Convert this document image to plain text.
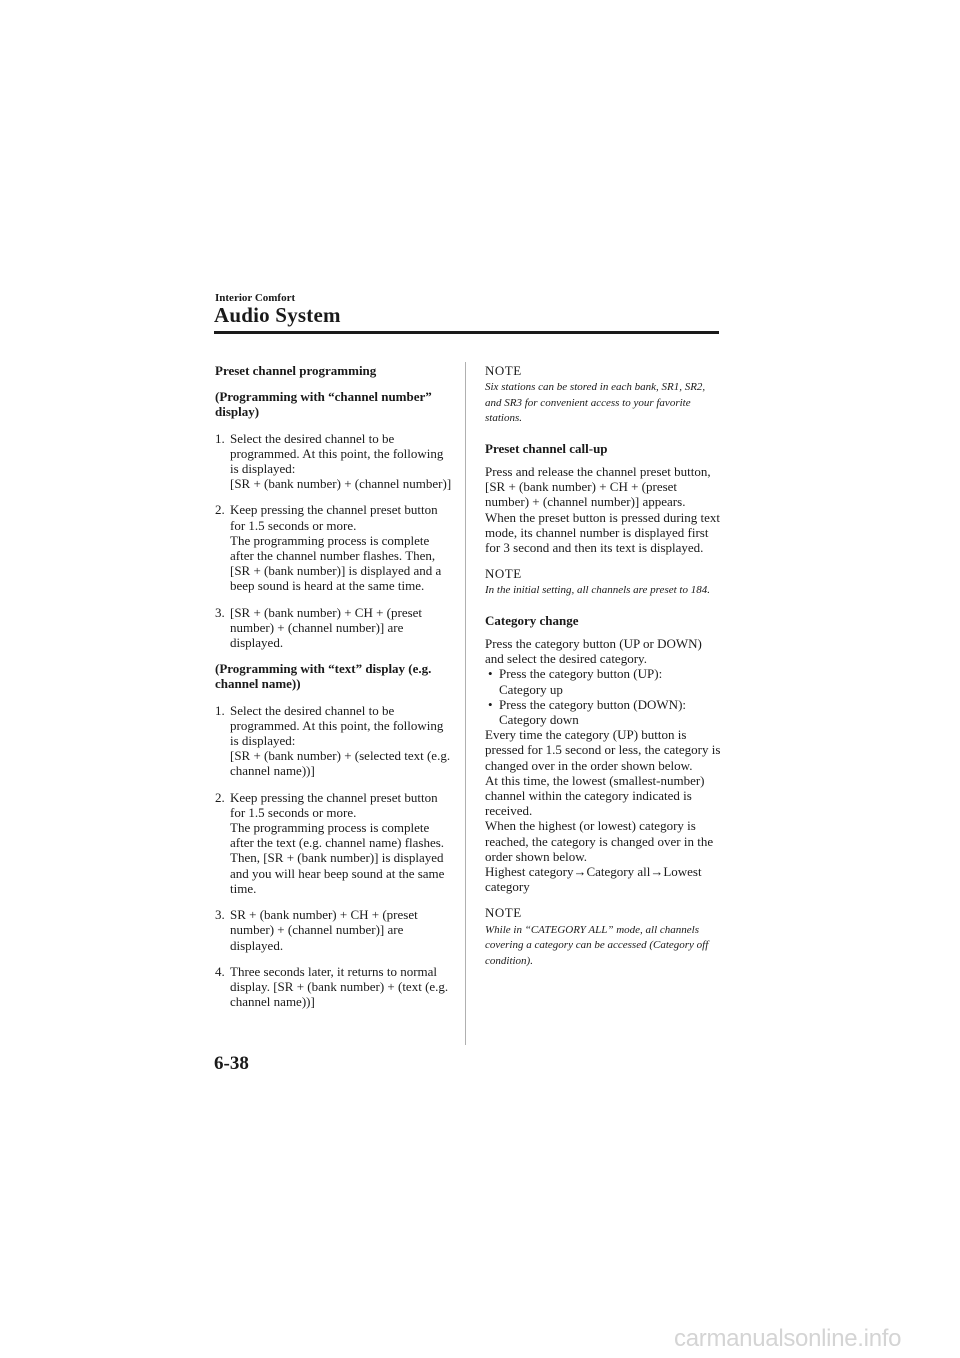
Interior Comfort
Audio System
Preset channel programming
(Programming with “channel number” display)
1. Select the desired channel to be programmed. At this point, the following is displayed:
[SR + (bank number) + (channel number)]
2. Keep pressing the channel preset button for 1.5 seconds or more.
The programming process is complete after the channel number flashes. Then, [SR + (bank number)] is displayed and a beep sound is heard at the same time.
3. [SR + (bank number) + CH + (preset number) + (channel number)] are displayed.
(Programming with “text” display (e.g. channel name))
1. Select the desired channel to be programmed. At this point, the following is displayed:
[SR + (bank number) + (selected text (e.g. channel name))]
2. Keep pressing the channel preset button for 1.5 seconds or more.
The programming process is complete after the text (e.g. channel name) flashes. Then, [SR + (bank number)] is displayed and you will hear beep sound at the same time.
3. SR + (bank number) + CH + (preset number) + (channel number)] are displayed.
4. Three seconds later, it returns to normal display. [SR + (bank number) + (text (e.g. channel name))]
NOTE
Six stations can be stored in each bank, SR1, SR2, and SR3 for convenient access to your favorite stations.
Preset channel call-up
Press and release the channel preset button,
[SR + (bank number) + CH + (preset number) + (channel number)] appears.
When the preset button is pressed during text mode, its channel number is displayed first for 3 second and then its text is displayed.
NOTE
In the initial setting, all channels are preset to 184.
Category change
Press the category button (UP or DOWN) and select the desired category.
• Press the category button (UP):
Category up
• Press the category button (DOWN):
Category down
Every time the category (UP) button is pressed for 1.5 second or less, the category is changed over in the order shown below.
At this time, the lowest (smallest-number) channel within the category indicated is received.
When the highest (or lowest) category is reached, the category is changed over in the order shown below.
Highest category→Category all→Lowest category
NOTE
While in “CATEGORY ALL” mode, all channels covering a category can be accessed (Category off condition).
6-38
carmanualsonline.info
